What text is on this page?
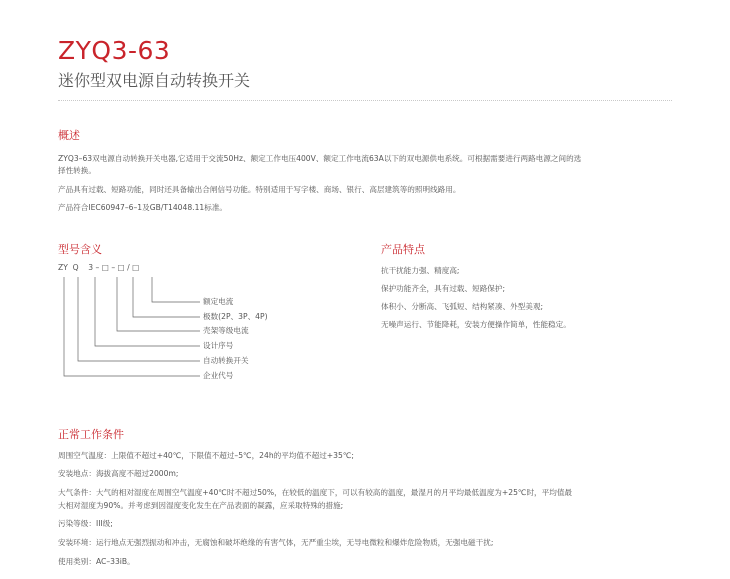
ZYQ3-63
迷你型双电源自动转换开关
概述
ZYQ3–63双电源自动转换开关电器,它适用于交流50Hz、额定工作电压400V、额定工作电流63A以下的双电源供电系统。可根据需要进行两路电源之间的选
择性转换。
产品具有过载、短路功能，同时还具备输出合闸信号功能。特别适用于写字楼、商场、银行、高层建筑等的照明线路用。
产品符合IEC60947–6–1及GB/T14048.11标准。
型号含义
ZY  Q    3 – □ – □ / □
额定电流
极数(2P、3P、4P)
壳架等级电流
设计序号
自动转换开关
企业代号
产品特点
抗干扰能力强、精度高;
保护功能齐全，具有过载、短路保护;
体积小、分断高、飞弧短、结构紧凑、外型美观;
无噪声运行、节能降耗，安装方便操作简单，性能稳定。
正常工作条件
周围空气温度：上限值不超过+40℃，下限值不超过–5℃，24h的平均值不超过+35℃;
安装地点：海拔高度不超过2000m;
大气条件：大气的相对湿度在周围空气温度+40℃时不超过50%，在较低的温度下，可以有较高的温度，最湿月的月平均最低温度为+25℃时，平均值最
大相对湿度为90%。并考虑到因湿度变化发生在产品表面的凝露，应采取特殊的措施;
污染等级：III级;
安装环境：运行地点无强烈振动和冲击，无腐蚀和破坏绝缘的有害气体，无严重尘埃，无导电微粒和爆炸危险物质，无强电磁干扰;
使用类别：AC–33iB。
